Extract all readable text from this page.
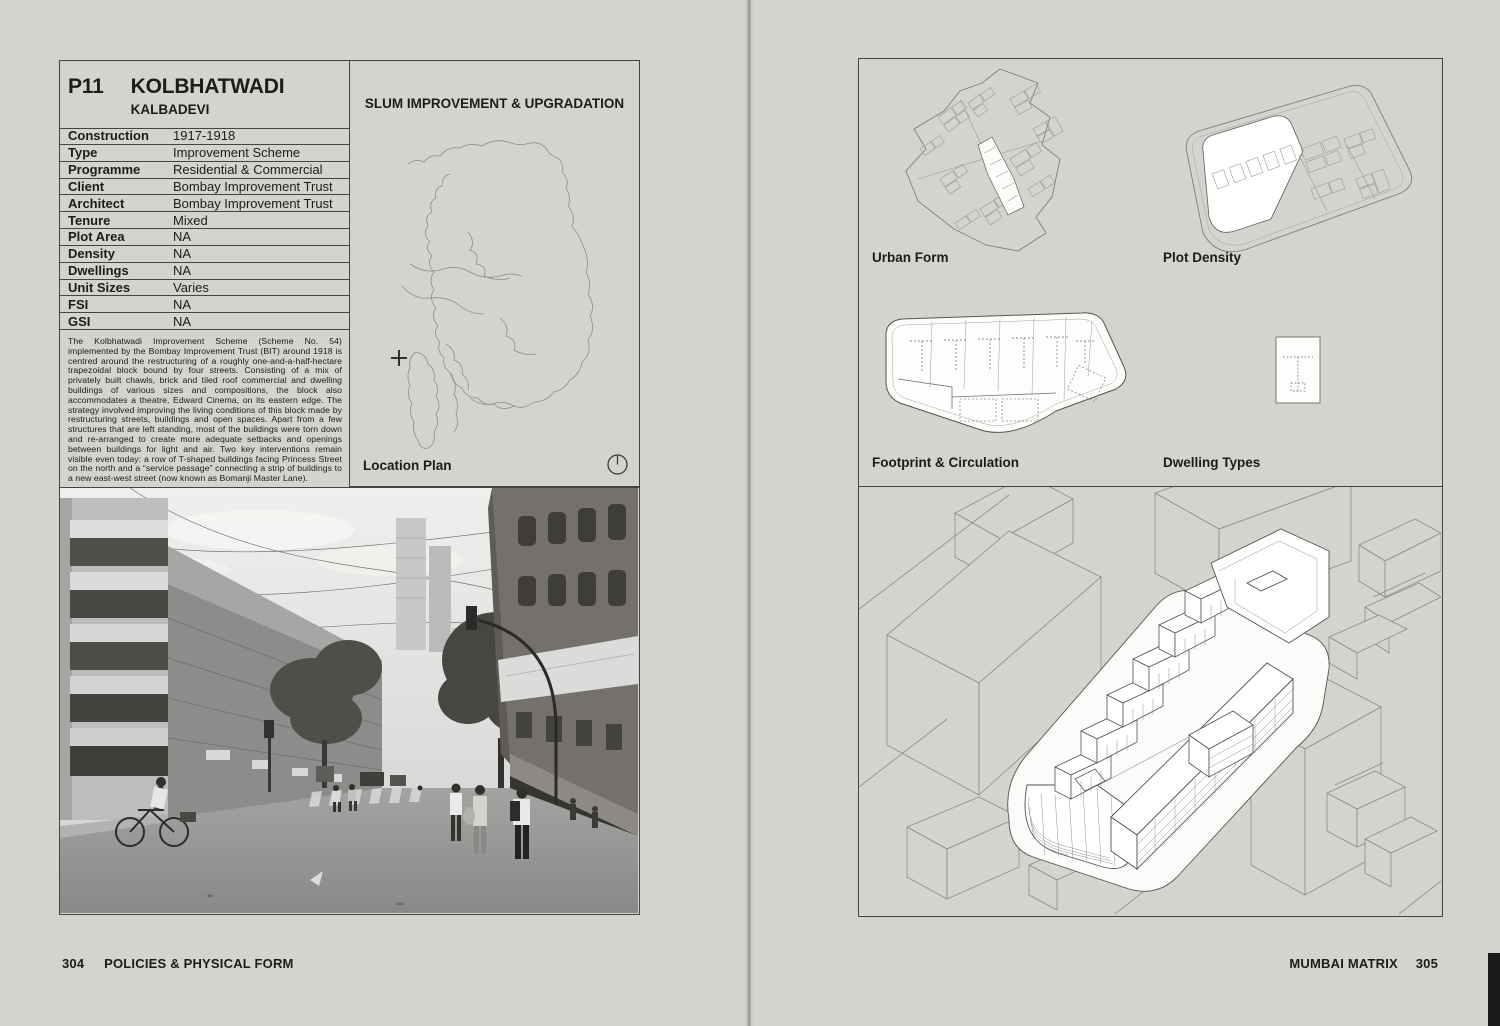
P11 KOLBHATWADI
KALBADEVI	SLUM IMPROVEMENT & UPGRADATION
Construction	1917-1918
Type	Improvement Scheme
Programme	Residential & Commercial
Client	Bombay Improvement Trust
Architect	Bombay Improvement Trust
Tenure	Mixed
Plot Area	NA
Density	NA
Dwellings	NA
Unit Sizes	Varies
FSI	NA
GSI	NA
The Kolbhatwadi Improvement Scheme (Scheme No. 54) implemented by the Bombay Improvement Trust (BIT) around 1918 is centred around the restructuring of a roughly one-and-a-half-hectare trapezoidal block bound by four streets. Consisting of a mix of privately built chawls, brick and tiled roof commercial and dwelling buildings of various sizes and compositions, the block also accommodates a theatre, Edward Cinema, on its eastern edge. The strategy involved improving the living conditions of this block made by restructuring streets, buildings and open spaces. Apart from a few structures that are left standing, most of the buildings were torn down and re-arranged to create more adequate setbacks and openings between buildings for light and air. Two key interventions remain visible even today: a row of T-shaped buildings facing Princess Street on the north and a “service passage” connecting a strip of buildings to a new east-west street (now known as Bomanji Master Lane).
Location Plan
304 POLICIES & PHYSICAL FORM
Urban Form	Plot Density
Footprint & Circulation	Dwelling Types
MUMBAI MATRIX 305
